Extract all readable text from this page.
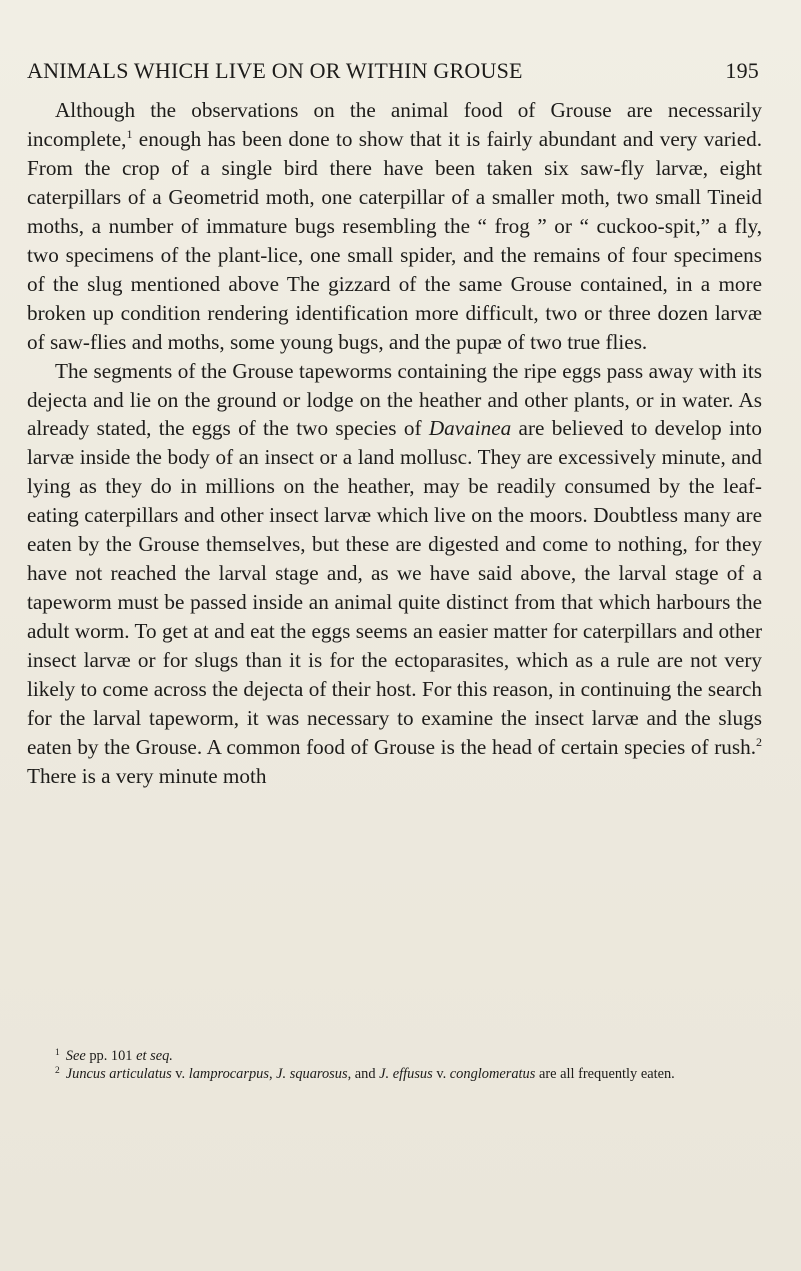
ANIMALS WHICH LIVE ON OR WITHIN GROUSE	195

Although the observations on the animal food of Grouse are necessarily incomplete,$^1$ enough has been done to show that it is fairly abundant and very varied. From the crop of a single bird there have been taken six saw-fly larvæ, eight caterpillars of a Geometrid moth, one caterpillar of a smaller moth, two small Tineid moths, a number of immature bugs resembling the “ frog ” or “ cuckoo-spit,” a fly, two specimens of the plant-lice, one small spider, and the remains of four specimens of the slug mentioned above The gizzard of the same Grouse contained, in a more broken up condition rendering identification more difficult, two or three dozen larvæ of saw-flies and moths, some young bugs, and the pupæ of two true flies.

The segments of the Grouse tapeworms containing the ripe eggs pass away with its dejecta and lie on the ground or lodge on the heather and other plants, or in water. As already stated, the eggs of the two species of Davainea are believed to develop into larvæ inside the body of an insect or a land mollusc. They are excessively minute, and lying as they do in millions on the heather, may be readily consumed by the leaf-eating caterpillars and other insect larvæ which live on the moors. Doubtless many are eaten by the Grouse themselves, but these are digested and come to nothing, for they have not reached the larval stage and, as we have said above, the larval stage of a tapeworm must be passed inside an animal quite distinct from that which harbours the adult worm. To get at and eat the eggs seems an easier matter for caterpillars and other insect larvæ or for slugs than it is for the ectoparasites, which as a rule are not very likely to come across the dejecta of their host. For this reason, in continuing the search for the larval tapeworm, it was necessary to examine the insect larvæ and the slugs eaten by the Grouse. A common food of Grouse is the head of certain species of rush.$^2$ There is a very minute moth

$^1$ See pp. 101 et seq.

$^2$ Juncus articulatus v. lamprocarpus, J. squarosus, and J. effusus v. conglomeratus are all frequently eaten.
